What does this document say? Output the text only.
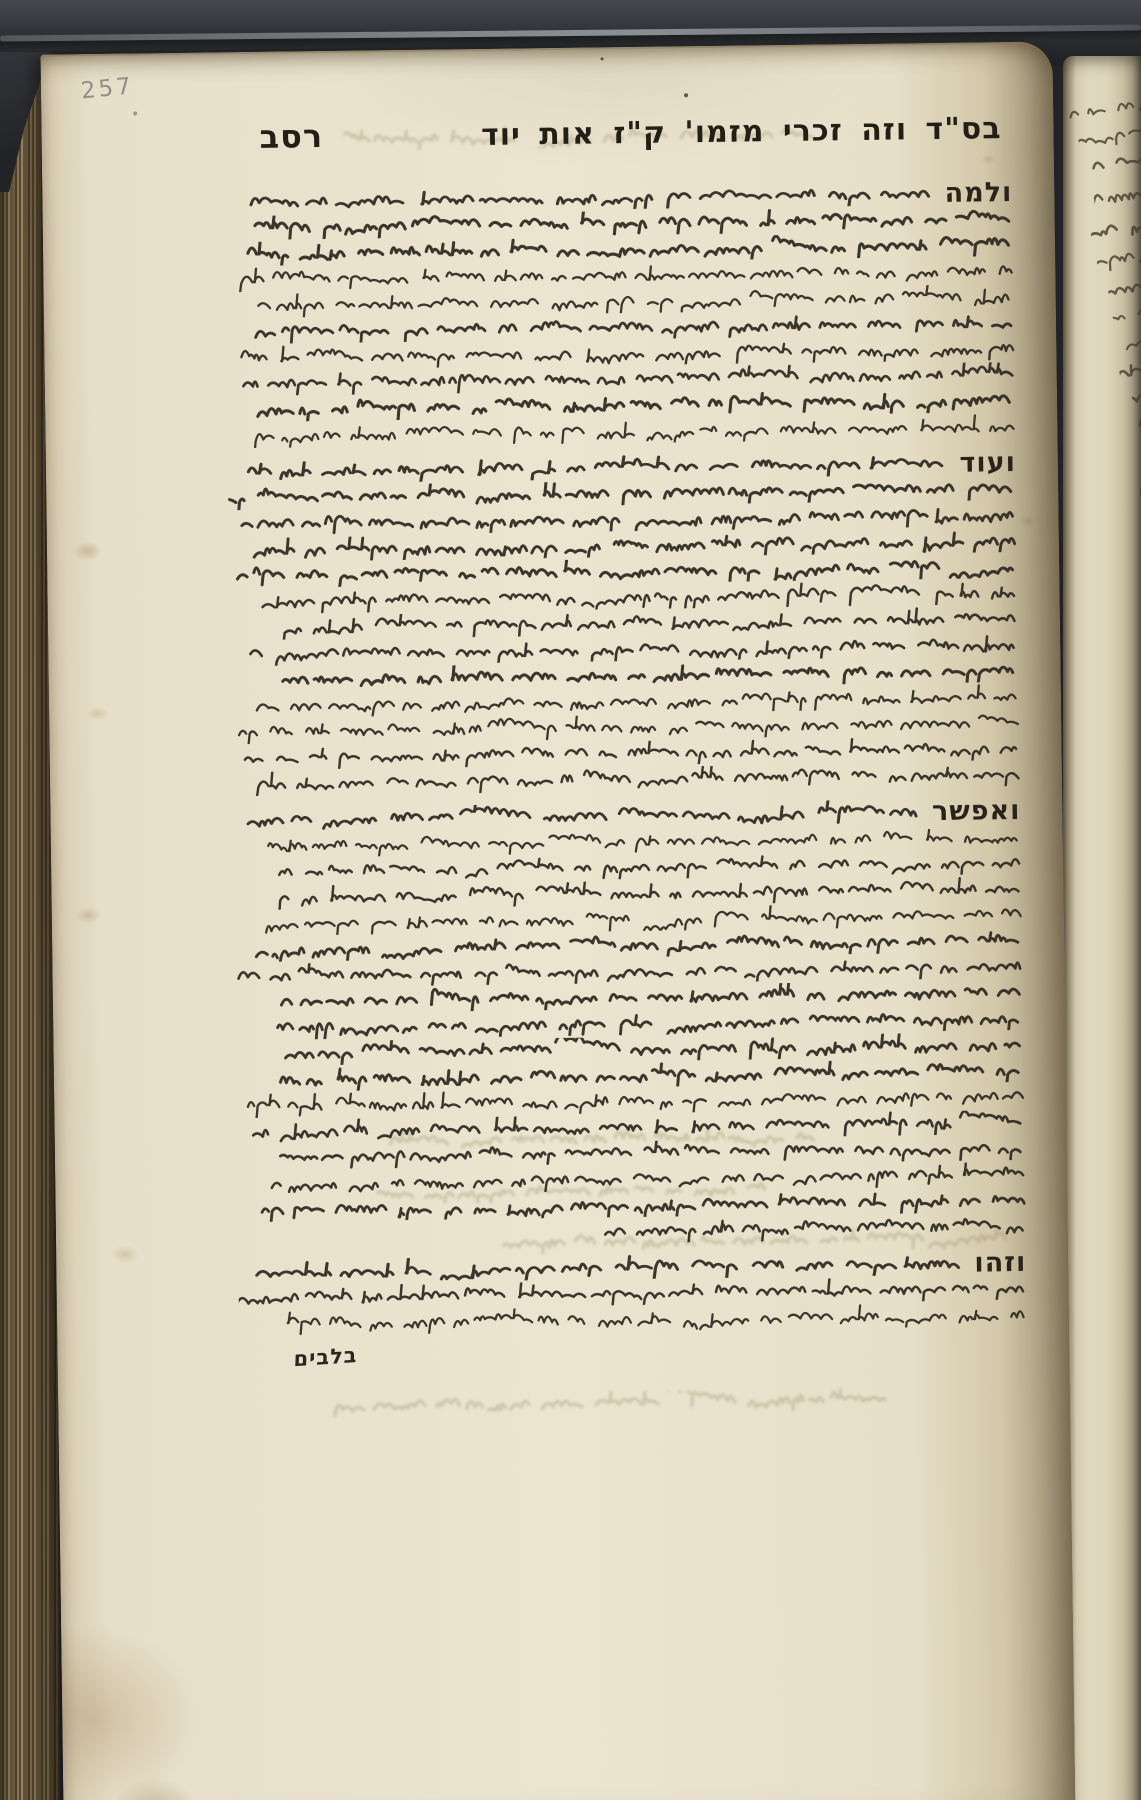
257
בס"ד וזה זכרי מזמו' ק"ז אות יוד
רסב
ולמה
ועוד
ואפשר
וזהו
בלבים
